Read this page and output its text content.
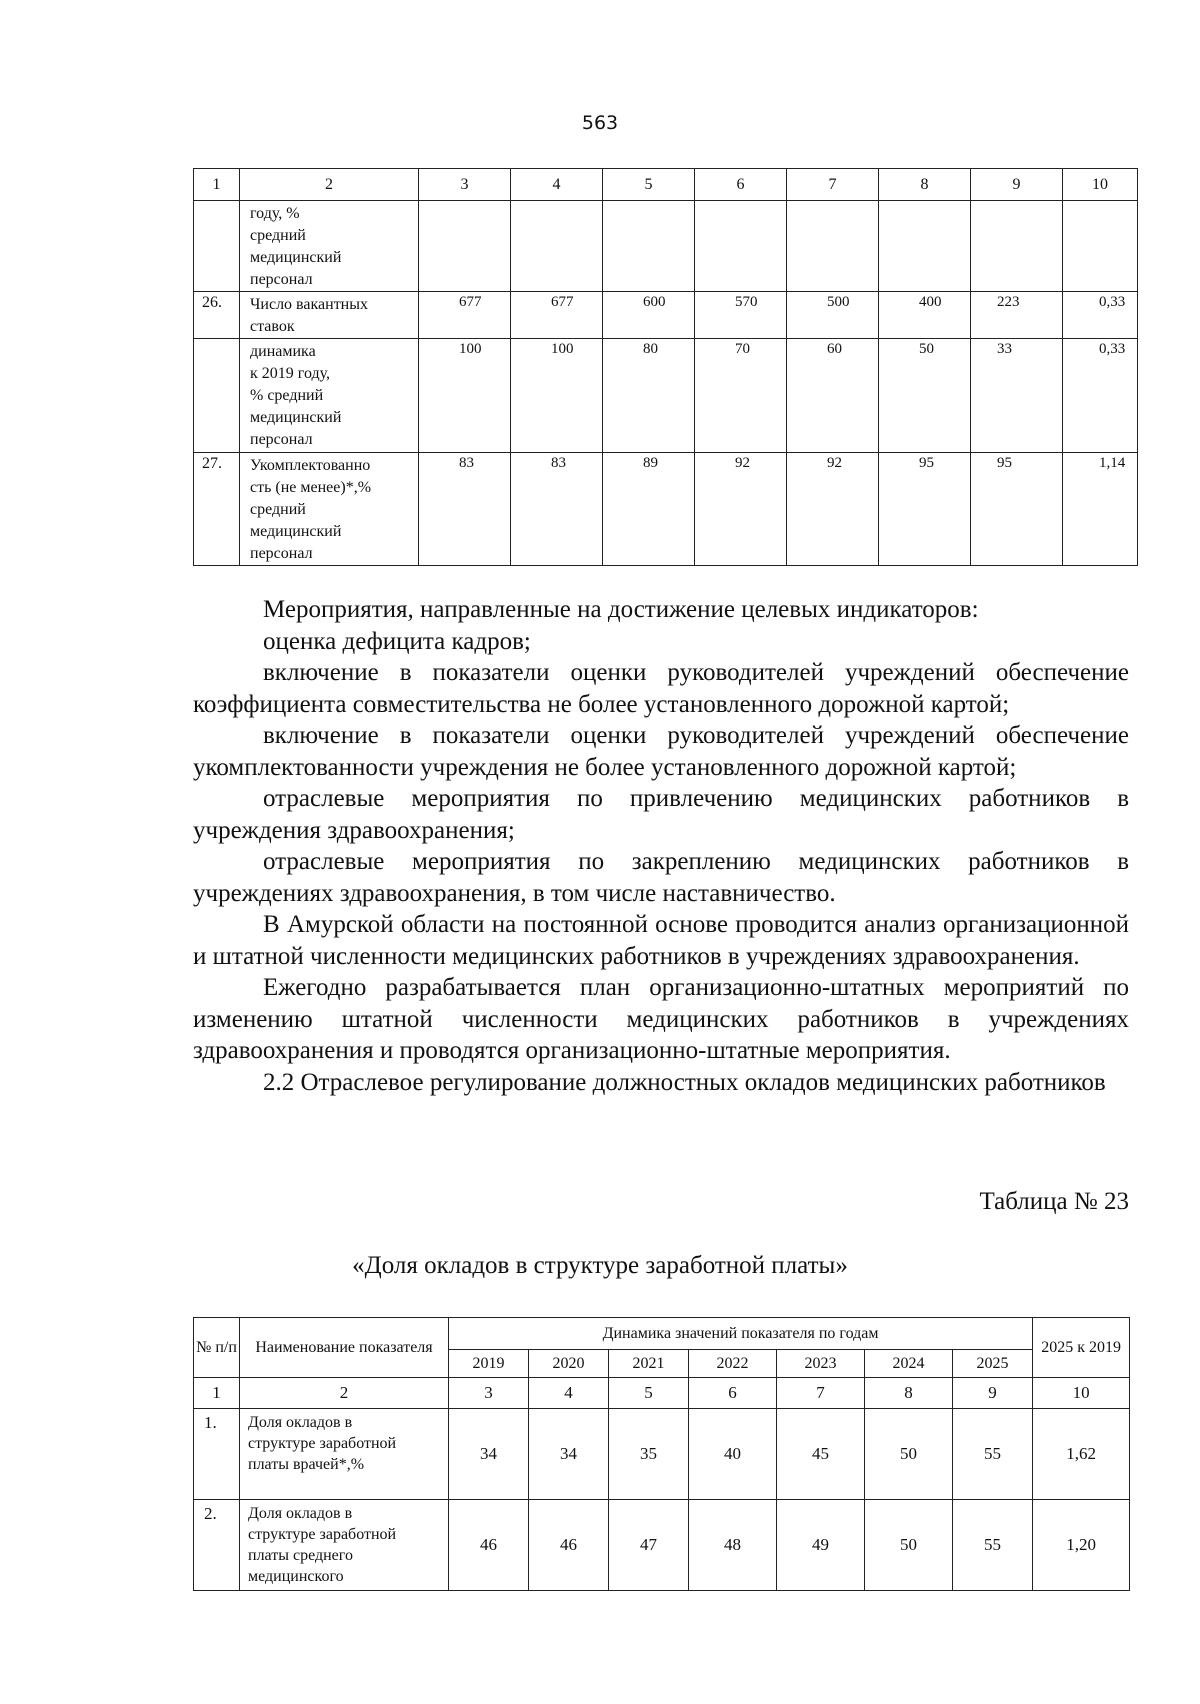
563
1	2	3	4	5	6	7	8	9	10

	году, %
средний
медицинский
персонал								

26.	Число вакантных
ставок	677	677	600	570	500	400	223	0,33

	динамика
к 2019 году,
% средний
медицинский
персонал	100	100	80	70	60	50	33	0,33
27.	Укомплектованно
сть (не менее)*,%
средний
медицинский
персонал	83	83	89	92	92	95	95	1,14

Мероприятия, направленные на достижение целевых индикаторов:

оценка дефицита кадров;

включение в показатели оценки руководителей учреждений обеспечение коэффициента совместительства не более установленного дорожной картой;

включение в показатели оценки руководителей учреждений обеспечение укомплектованности учреждения не более установленного дорожной картой;

отраслевые мероприятия по привлечению медицинских работников в учреждения здравоохранения;

отраслевые мероприятия по закреплению медицинских работников в учреждениях здравоохранения, в том числе наставничество.

В Амурской области на постоянной основе проводится анализ организационной и штатной численности медицинских работников в учреждениях здравоохранения.

Ежегодно разрабатывается план организационно-штатных мероприятий по изменению штатной численности медицинских работников в учреждениях здравоохранения и проводятся организационно-штатные мероприятия.

2.2 Отраслевое регулирование должностных окладов медицинских работников

Таблица № 23
«Доля окладов в структуре заработной платы»
№ п/п	Наименование показателя	Динамика значений показателя по годам							2025 к 2019
		2019	2020	2021	2022	2023	2024	2025	
1	2	3	4	5	6	7	8	9	10
1.	Доля окладов в
структуре заработной
платы врачей*,%	34	34	35	40	45	50	55	1,62
2.	Доля окладов в
структуре заработной
платы среднего
медицинского	46	46	47	48	49	50	55	1,20
